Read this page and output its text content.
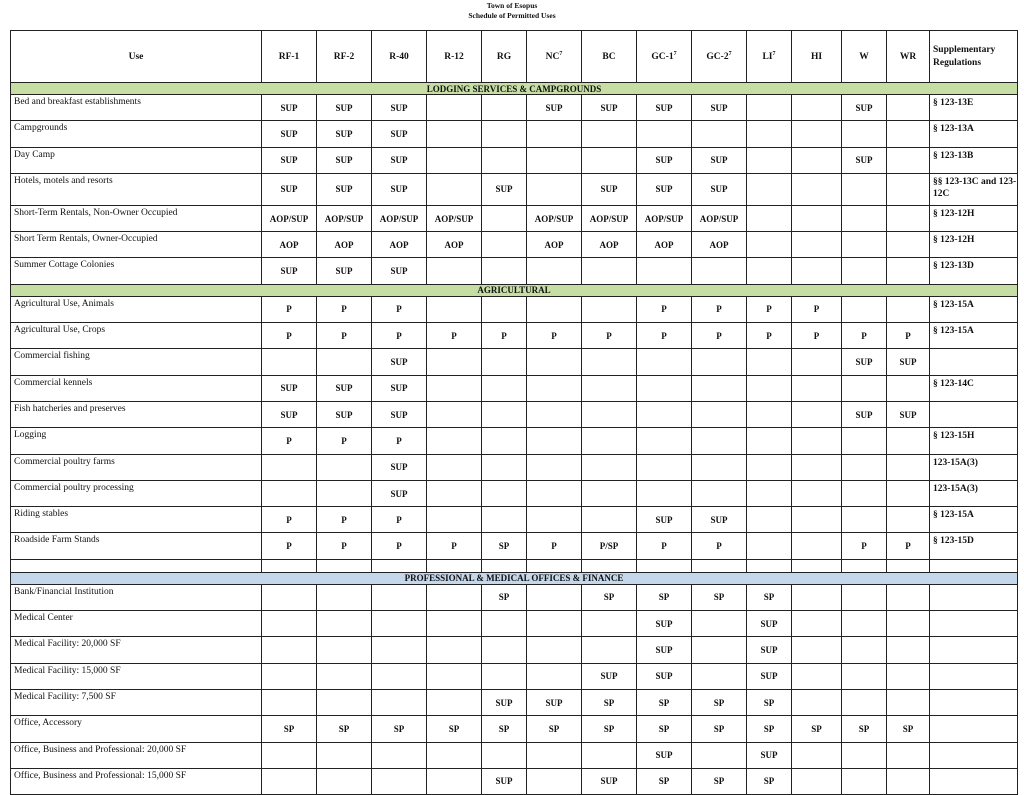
Town of Esopus
Schedule of Permitted Uses
Use	RF-1	RF-2	R-40	R-12	RG	$NC^7$	BC	$GC-1^7$	$GC-2^7$	$LI^7$	HI	W	WR	Supplementary Regulations
LODGING SERVICES & CAMPGROUNDS														
Bed and breakfast establishments	SUP	SUP	SUP			SUP	SUP	SUP	SUP			SUP		§ 123-13E
Campgrounds	SUP	SUP	SUP											§ 123-13A
Day Camp	SUP	SUP	SUP					SUP	SUP			SUP		§ 123-13B
Hotels, motels and resorts	SUP	SUP	SUP		SUP		SUP	SUP	SUP					§§ 123-13C and 123-12C
Short-Term Rentals, Non-Owner Occupied	AOP/SUP	AOP/SUP	AOP/SUP	AOP/SUP		AOP/SUP	AOP/SUP	AOP/SUP	AOP/SUP					§ 123-12H
Short Term Rentals, Owner-Occupied	AOP	AOP	AOP	AOP		AOP	AOP	AOP	AOP					§ 123-12H
Summer Cottage Colonies	SUP	SUP	SUP											§ 123-13D
AGRICULTURAL														
Agricultural Use, Animals	P	P	P					P	P	P	P			§ 123-15A
Agricultural Use, Crops	P	P	P	P	P	P	P	P	P	P	P	P	P	§ 123-15A
Commercial fishing			SUP									SUP	SUP	
Commercial kennels	SUP	SUP	SUP											§ 123-14C
Fish hatcheries and preserves	SUP	SUP	SUP									SUP	SUP	
Logging	P	P	P											§ 123-15H
Commercial poultry farms			SUP											123-15A(3)
Commercial poultry processing			SUP											123-15A(3)
Riding stables	P	P	P					SUP	SUP					§ 123-15A
Roadside Farm Stands	P	P	P	P	SP	P	P/SP	P	P			P	P	§ 123-15D

PROFESSIONAL & MEDICAL OFFICES & FINANCE														
Bank/Financial Institution					SP		SP	SP	SP	SP				
Medical Center								SUP		SUP				
Medical Facility: 20,000 SF								SUP		SUP				
Medical Facility: 15,000 SF							SUP	SUP		SUP				
Medical Facility: 7,500 SF					SUP	SUP	SP	SP	SP	SP				
Office, Accessory	SP	SP	SP	SP	SP	SP	SP	SP	SP	SP	SP	SP	SP	
Office, Business and Professional: 20,000 SF								SUP		SUP				
Office, Business and Professional: 15,000 SF					SUP		SUP	SP	SP	SP				
